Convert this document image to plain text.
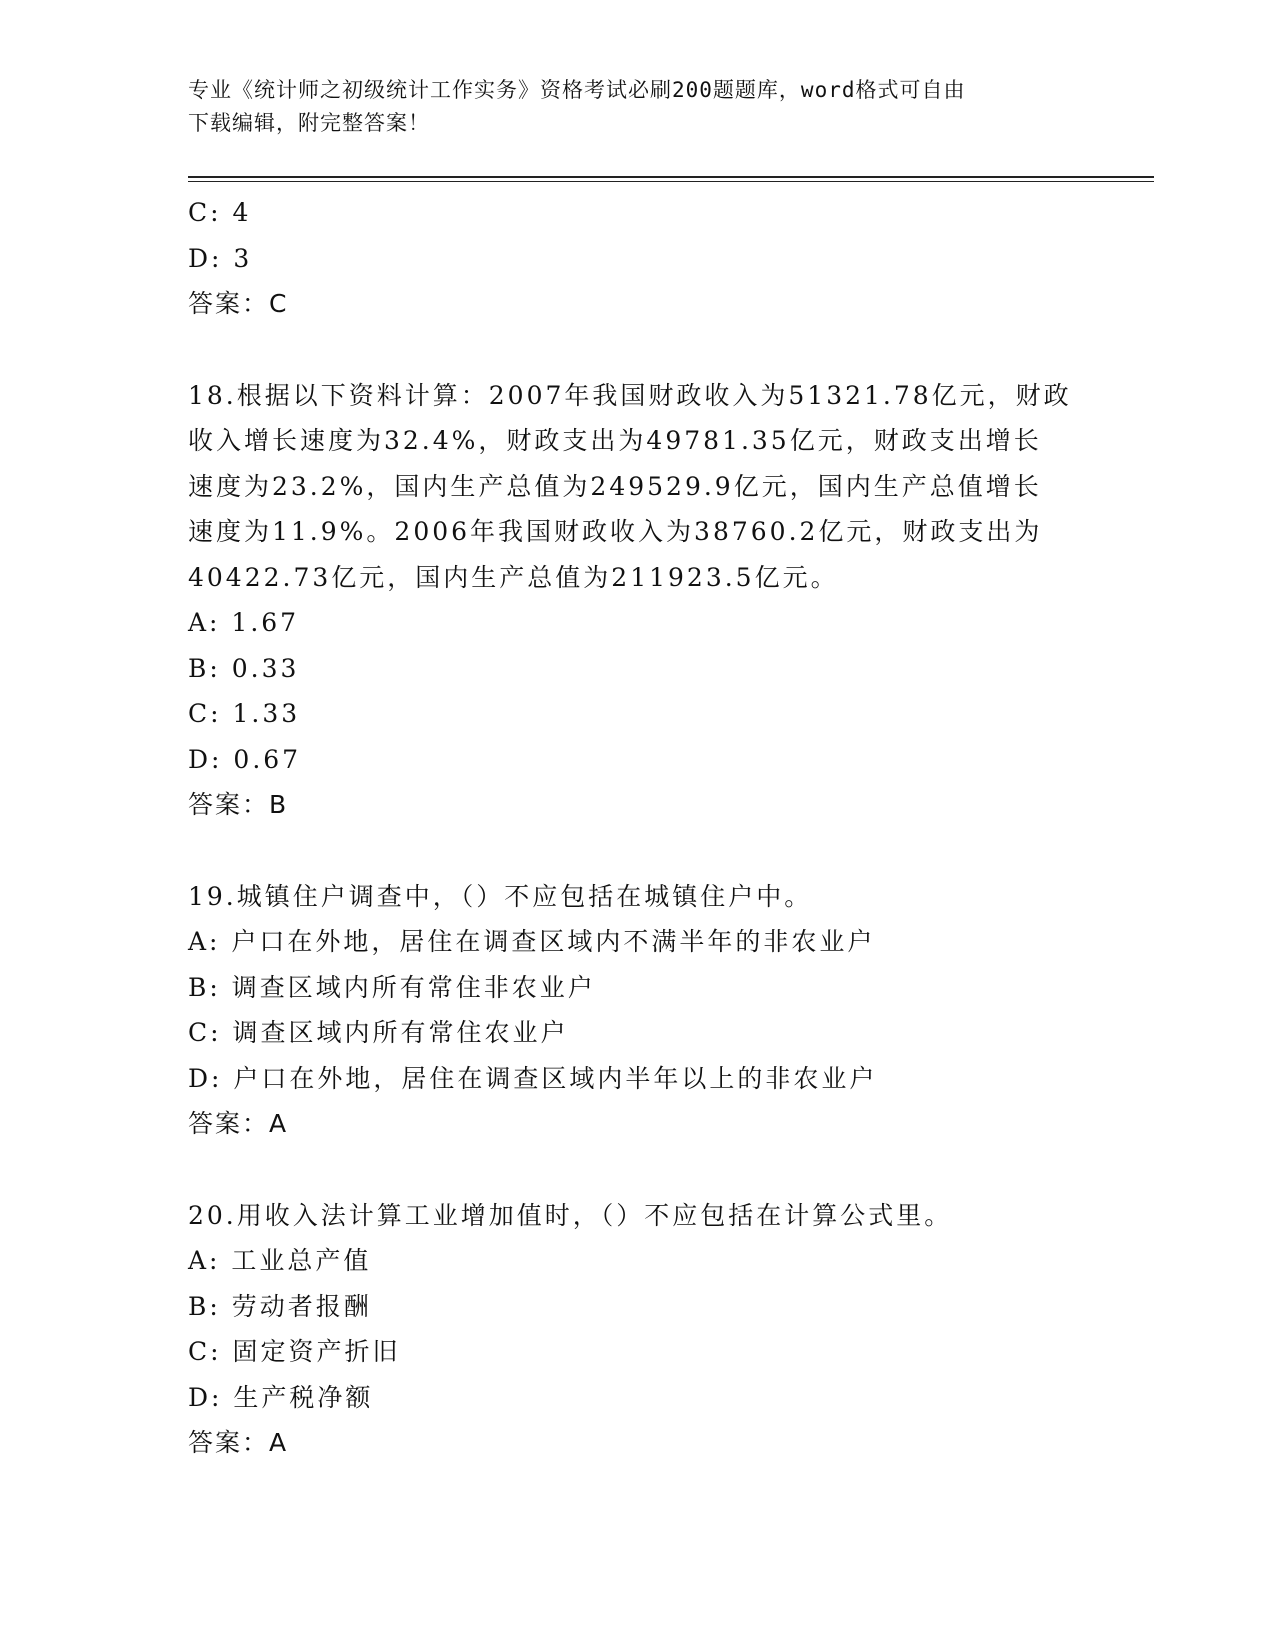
专业《统计师之初级统计工作实务》资格考试必刷200题题库，word格式可自由
下载编辑，附完整答案！

C: 4

D: 3

答案：C

18.根据以下资料计算：2007年我国财政收入为51321.78亿元，财政

收入增长速度为32.4%，财政支出为49781.35亿元，财政支出增长

速度为23.2%，国内生产总值为249529.9亿元，国内生产总值增长

速度为11.9%。2006年我国财政收入为38760.2亿元，财政支出为

40422.73亿元，国内生产总值为211923.5亿元。

A: 1.67

B: 0.33

C: 1.33

D: 0.67

答案：B

19.城镇住户调查中，（）不应包括在城镇住户中。

A: 户口在外地，居住在调查区域内不满半年的非农业户

B: 调查区域内所有常住非农业户

C: 调查区域内所有常住农业户

D: 户口在外地，居住在调查区域内半年以上的非农业户

答案：A

20.用收入法计算工业增加值时，（）不应包括在计算公式里。

A: 工业总产值

B: 劳动者报酬

C: 固定资产折旧

D: 生产税净额

答案：A
